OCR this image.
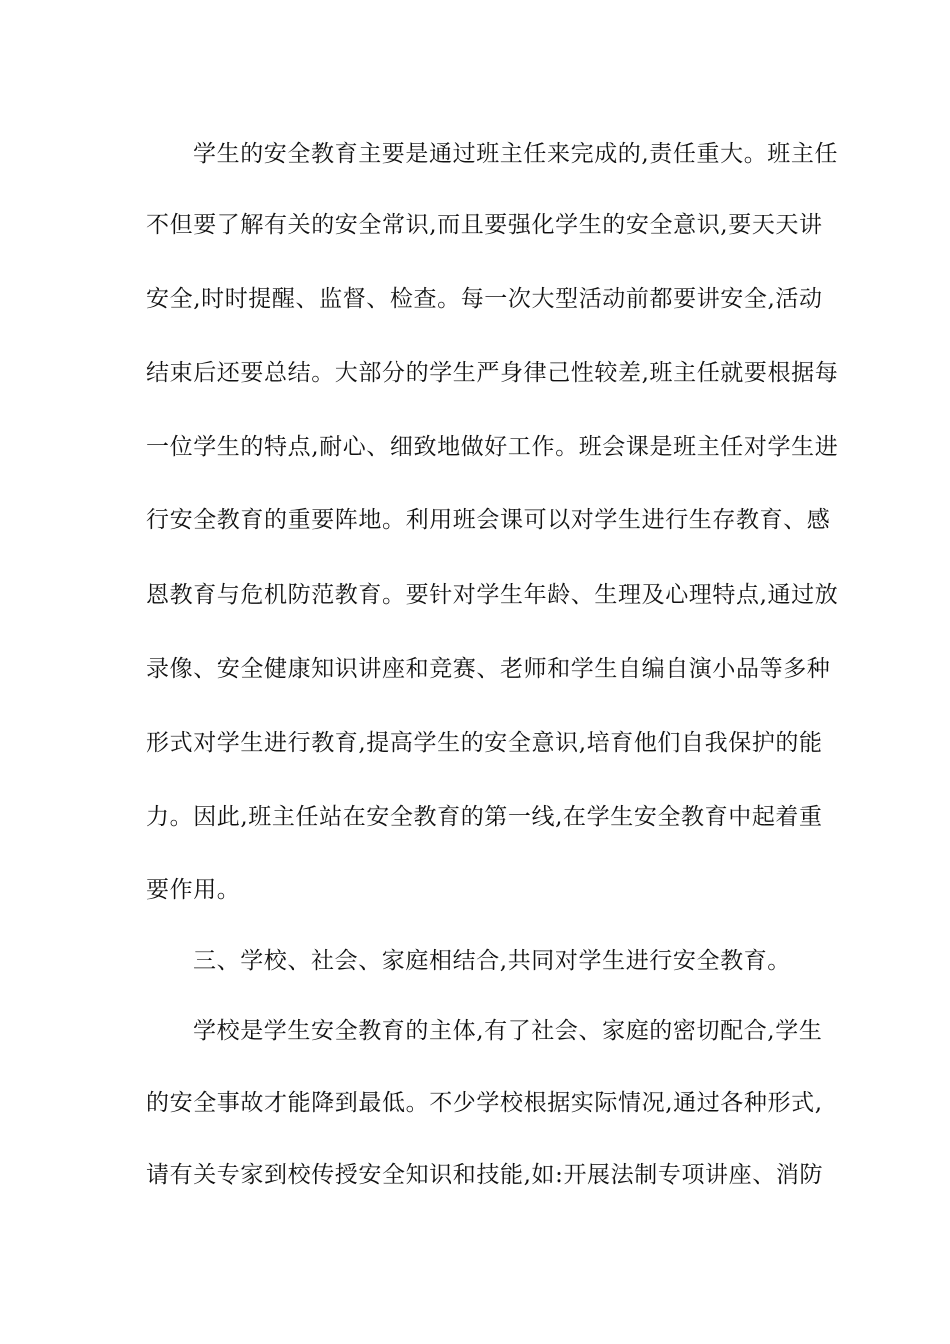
学生的安全教育主要是通过班主任来完成的,责任重大。班主任
不但要了解有关的安全常识,而且要强化学生的安全意识,要天天讲
安全,时时提醒、监督、检查。每一次大型活动前都要讲安全,活动
结束后还要总结。大部分的学生严身律己性较差,班主任就要根据每
一位学生的特点,耐心、细致地做好工作。班会课是班主任对学生进
行安全教育的重要阵地。利用班会课可以对学生进行生存教育、感
恩教育与危机防范教育。要针对学生年龄、生理及心理特点,通过放
录像、安全健康知识讲座和竞赛、老师和学生自编自演小品等多种
形式对学生进行教育,提高学生的安全意识,培育他们自我保护的能
力。因此,班主任站在安全教育的第一线,在学生安全教育中起着重
要作用。
三、学校、社会、家庭相结合,共同对学生进行安全教育。
学校是学生安全教育的主体,有了社会、家庭的密切配合,学生
的安全事故才能降到最低。不少学校根据实际情况,通过各种形式,
请有关专家到校传授安全知识和技能,如:开展法制专项讲座、消防
